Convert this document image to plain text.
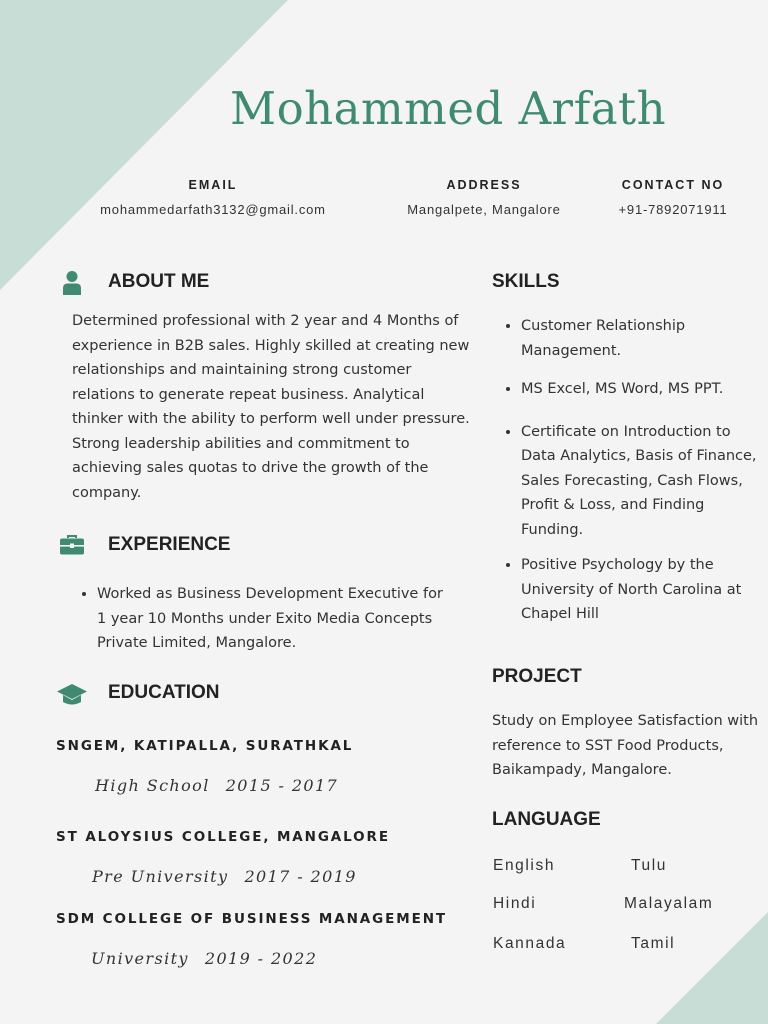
Mohammed Arfath
EMAIL
mohammedarfath3132@gmail.com
ADDRESS
Mangalpete, Mangalore
CONTACT NO
+91-7892071911
ABOUT ME
Determined professional with 2 year and 4 Months of experience in B2B sales. Highly skilled at creating new relationships and maintaining strong customer relations to generate repeat business. Analytical thinker with the ability to perform well under pressure. Strong leadership abilities and commitment to achieving sales quotas to drive the growth of the company.
EXPERIENCE
• Worked as Business Development Executive for 1 year 10 Months under Exito Media Concepts Private Limited, Mangalore.
EDUCATION
SNGEM, KATIPALLA, SURATHKAL
High School 2015 - 2017
ST ALOYSIUS COLLEGE, MANGALORE
Pre University 2017 - 2019
SDM COLLEGE OF BUSINESS MANAGEMENT
University 2019 - 2022
SKILLS
• Customer Relationship Management.
• MS Excel, MS Word, MS PPT.
• Certificate on Introduction to Data Analytics, Basis of Finance, Sales Forecasting, Cash Flows, Profit & Loss, and Finding Funding.
• Positive Psychology by the University of North Carolina at Chapel Hill
PROJECT
Study on Employee Satisfaction with reference to SST Food Products, Baikampady, Mangalore.
LANGUAGE
English	Tulu
Hindi	Malayalam
Kannada	Tamil
